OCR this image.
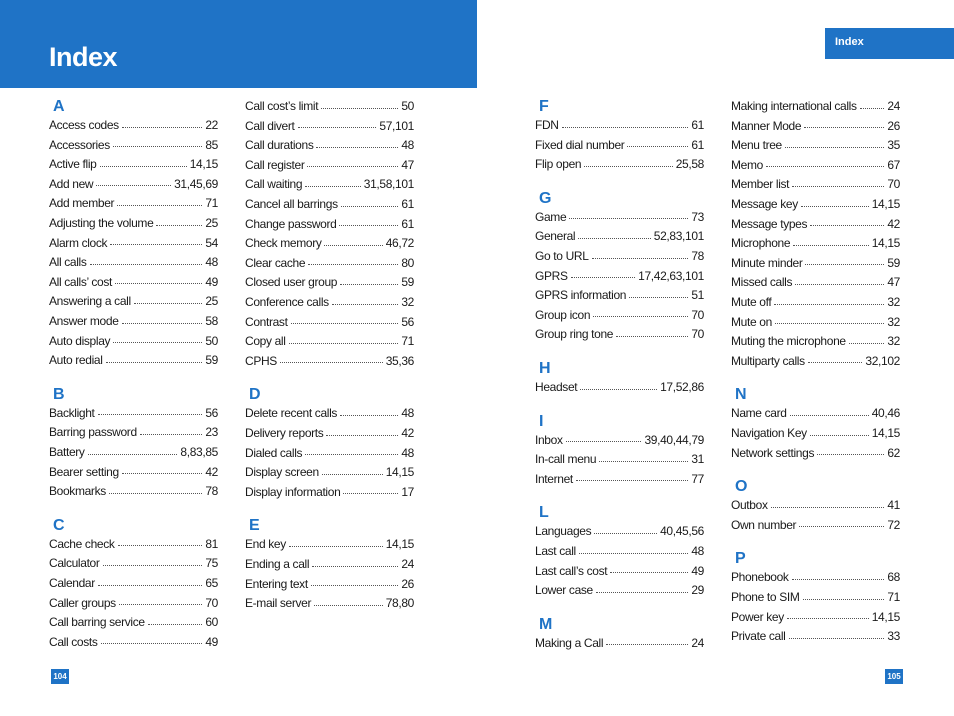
Index	Index
104	105
A
Access codes	22
Accessories	85
Active flip	14,15
Add new	31,45,69
Add member	71
Adjusting the volume	25
Alarm clock	54
All calls	48
All calls’ cost	49
Answering a call	25
Answer mode	58
Auto display	50
Auto redial	59
B
Backlight	56
Barring password	23
Battery	8,83,85
Bearer setting	42
Bookmarks	78
C
Cache check	81
Calculator	75
Calendar	65
Caller groups	70
Call barring service	60
Call costs	49
Call cost’s limit	50
Call divert	57,101
Call durations	48
Call register	47
Call waiting	31,58,101
Cancel all barrings	61
Change password	61
Check memory	46,72
Clear cache	80
Closed user group	59
Conference calls	32
Contrast	56
Copy all	71
CPHS	35,36
D
Delete recent calls	48
Delivery reports	42
Dialed calls	48
Display screen	14,15
Display information	17
E
End key	14,15
Ending a call	24
Entering text	26
E-mail server	78,80
F
FDN	61
Fixed dial number	61
Flip open	25,58
G
Game	73
General	52,83,101
Go to URL	78
GPRS	17,42,63,101
GPRS information	51
Group icon	70
Group ring tone	70
H
Headset	17,52,86
I
Inbox	39,40,44,79
In-call menu	31
Internet	77
L
Languages	40,45,56
Last call	48
Last call’s cost	49
Lower case	29
M
Making a Call	24
Making international calls	24
Manner Mode	26
Menu tree	35
Memo	67
Member list	70
Message key	14,15
Message types	42
Microphone	14,15
Minute minder	59
Missed calls	47
Mute off	32
Mute on	32
Muting the microphone	32
Multiparty calls	32,102
N
Name card	40,46
Navigation Key	14,15
Network settings	62
O
Outbox	41
Own number	72
P
Phonebook	68
Phone to SIM	71
Power key	14,15
Private call	33
